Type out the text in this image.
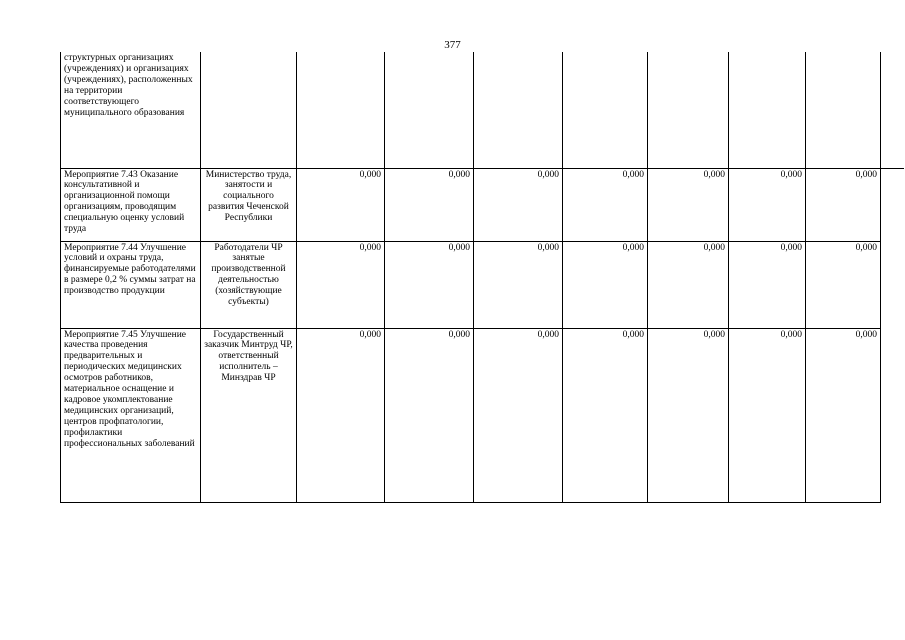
377
структурных организациях (учреждениях) и организациях (учреждениях), расположенных на территории соответствующего муниципального образования								
Мероприятие 7.43 Оказание консультативной и организационной помощи организациям, проводящим специальную оценку условий труда	Министерство труда, занятости и социального развития Чеченской Республики	0,000	0,000	0,000	0,000	0,000	0,000	0,000
Мероприятие 7.44 Улучшение условий и охраны труда, финансируемые работодателями в размере 0,2 % суммы затрат на производство продукции	Работодатели ЧР занятые производственной деятельностью (хозяйствующие субъекты)	0,000	0,000	0,000	0,000	0,000	0,000	0,000
Мероприятие 7.45 Улучшение качества проведения предварительных и периодических медицинских осмотров работников, материальное оснащение и кадровое укомплектование медицинских организаций, центров профпатологии, профилактики профессиональных заболеваний	Государственный заказчик Минтруд ЧР, ответственный исполнитель – Минздрав ЧР	0,000	0,000	0,000	0,000	0,000	0,000	0,000
